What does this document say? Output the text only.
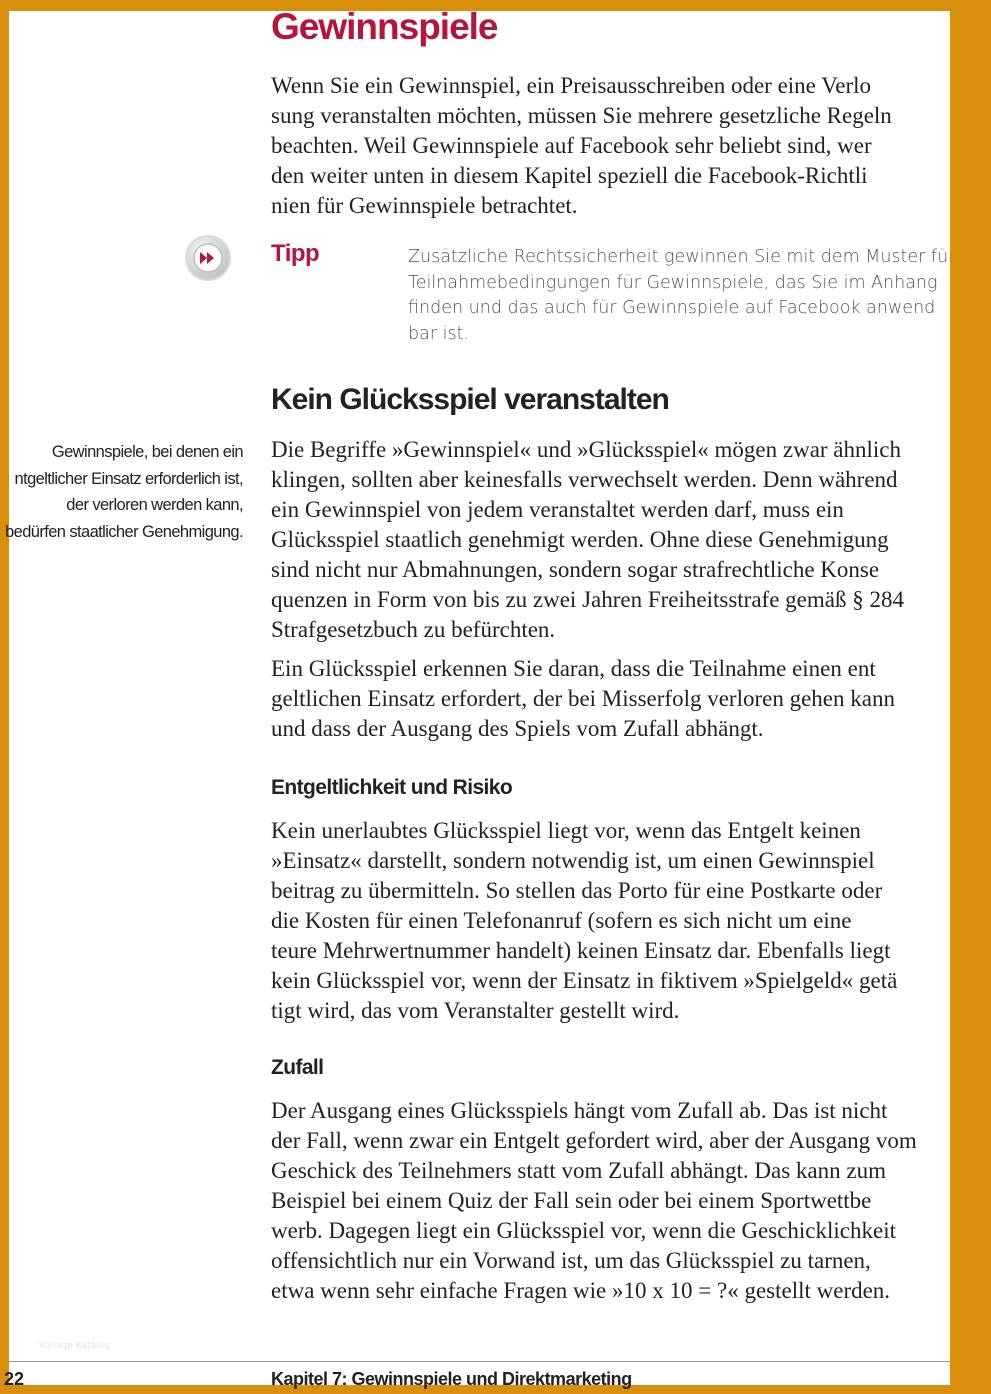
Gewinnspiele
Wenn Sie ein Gewinnspiel, ein Preisausschreiben oder eine Verlo
sung veranstalten möchten, müssen Sie mehrere gesetzliche Regeln
beachten. Weil Gewinnspiele auf Facebook sehr beliebt sind, wer
den weiter unten in diesem Kapitel speziell die Facebook-Richtli
nien für Gewinnspiele betrachtet.
Tipp	Zusätzliche Rechtssicherheit gewinnen Sie mit dem Muster fü
Teilnahmebedingungen für Gewinnspiele, das Sie im Anhang
finden und das auch für Gewinnspiele auf Facebook anwend
bar ist.
Kein Glücksspiel veranstalten
Gewinnspiele, bei denen ein
ntgeltlicher Einsatz erforderlich ist,
der verloren werden kann,
bedürfen staatlicher Genehmigung.
Die Begriffe »Gewinnspiel« und »Glücksspiel« mögen zwar ähnlich
klingen, sollten aber keinesfalls verwechselt werden. Denn während
ein Gewinnspiel von jedem veranstaltet werden darf, muss ein
Glücksspiel staatlich genehmigt werden. Ohne diese Genehmigung
sind nicht nur Abmahnungen, sondern sogar strafrechtliche Konse
quenzen in Form von bis zu zwei Jahren Freiheitsstrafe gemäß § 284
Strafgesetzbuch zu befürchten.
Ein Glücksspiel erkennen Sie daran, dass die Teilnahme einen ent
geltlichen Einsatz erfordert, der bei Misserfolg verloren gehen kann
und dass der Ausgang des Spiels vom Zufall abhängt.
Entgeltlichkeit und Risiko
Kein unerlaubtes Glücksspiel liegt vor, wenn das Entgelt keinen
»Einsatz« darstellt, sondern notwendig ist, um einen Gewinnspiel
beitrag zu übermitteln. So stellen das Porto für eine Postkarte oder
die Kosten für einen Telefonanruf (sofern es sich nicht um eine
teure Mehrwertnummer handelt) keinen Einsatz dar. Ebenfalls liegt
kein Glücksspiel vor, wenn der Einsatz in fiktivem »Spielgeld« getä
tigt wird, das vom Veranstalter gestellt wird.
Zufall
Der Ausgang eines Glücksspiels hängt vom Zufall ab. Das ist nicht
der Fall, wenn zwar ein Entgelt gefordert wird, aber der Ausgang vom
Geschick des Teilnehmers statt vom Zufall abhängt. Das kann zum
Beispiel bei einem Quiz der Fall sein oder bei einem Sportwettbe
werb. Dagegen liegt ein Glücksspiel vor, wenn die Geschicklichkeit
offensichtlich nur ein Vorwand ist, um das Glücksspiel zu tarnen,
etwa wenn sehr einfache Fragen wie »10 x 10 = ?« gestellt werden.
Vorlage Katalog
22	Kapitel 7: Gewinnspiele und Direktmarketing
